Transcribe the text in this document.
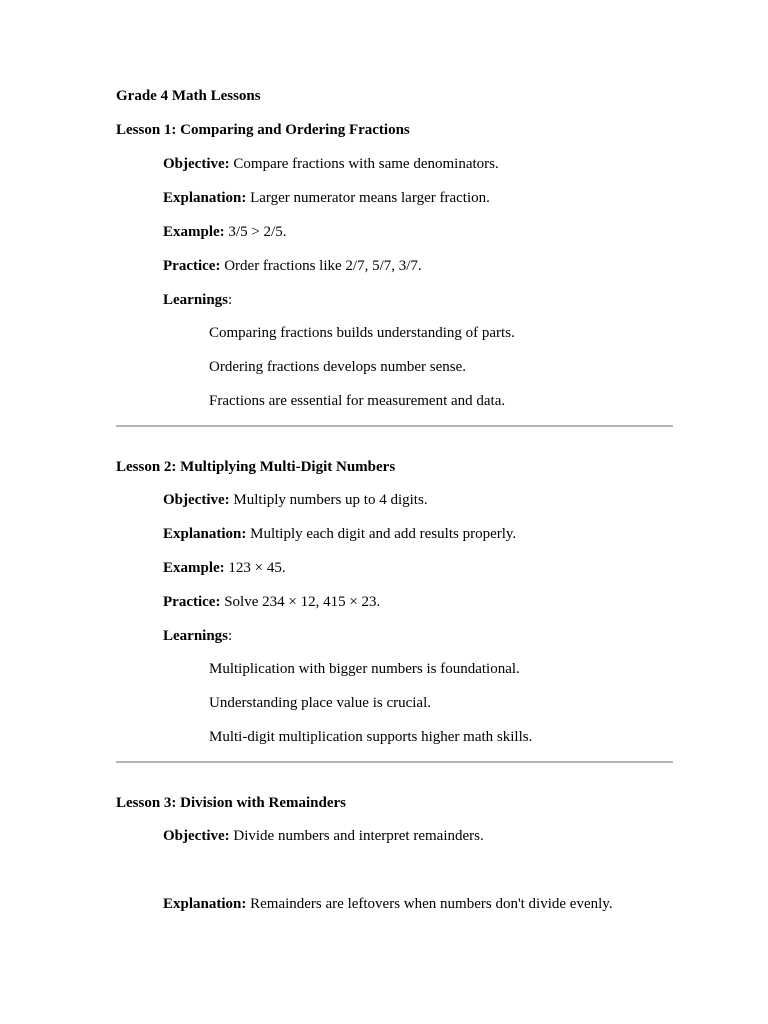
Grade 4 Math Lessons
Lesson 1: Comparing and Ordering Fractions
Objective: Compare fractions with same denominators.
Explanation: Larger numerator means larger fraction.
Example: 3/5 > 2/5.
Practice: Order fractions like 2/7, 5/7, 3/7.
Learnings:
Comparing fractions builds understanding of parts.
Ordering fractions develops number sense.
Fractions are essential for measurement and data.
Lesson 2: Multiplying Multi-Digit Numbers
Objective: Multiply numbers up to 4 digits.
Explanation: Multiply each digit and add results properly.
Example: 123 × 45.
Practice: Solve 234 × 12, 415 × 23.
Learnings:
Multiplication with bigger numbers is foundational.
Understanding place value is crucial.
Multi-digit multiplication supports higher math skills.
Lesson 3: Division with Remainders
Objective: Divide numbers and interpret remainders.
Explanation: Remainders are leftovers when numbers don't divide evenly.
